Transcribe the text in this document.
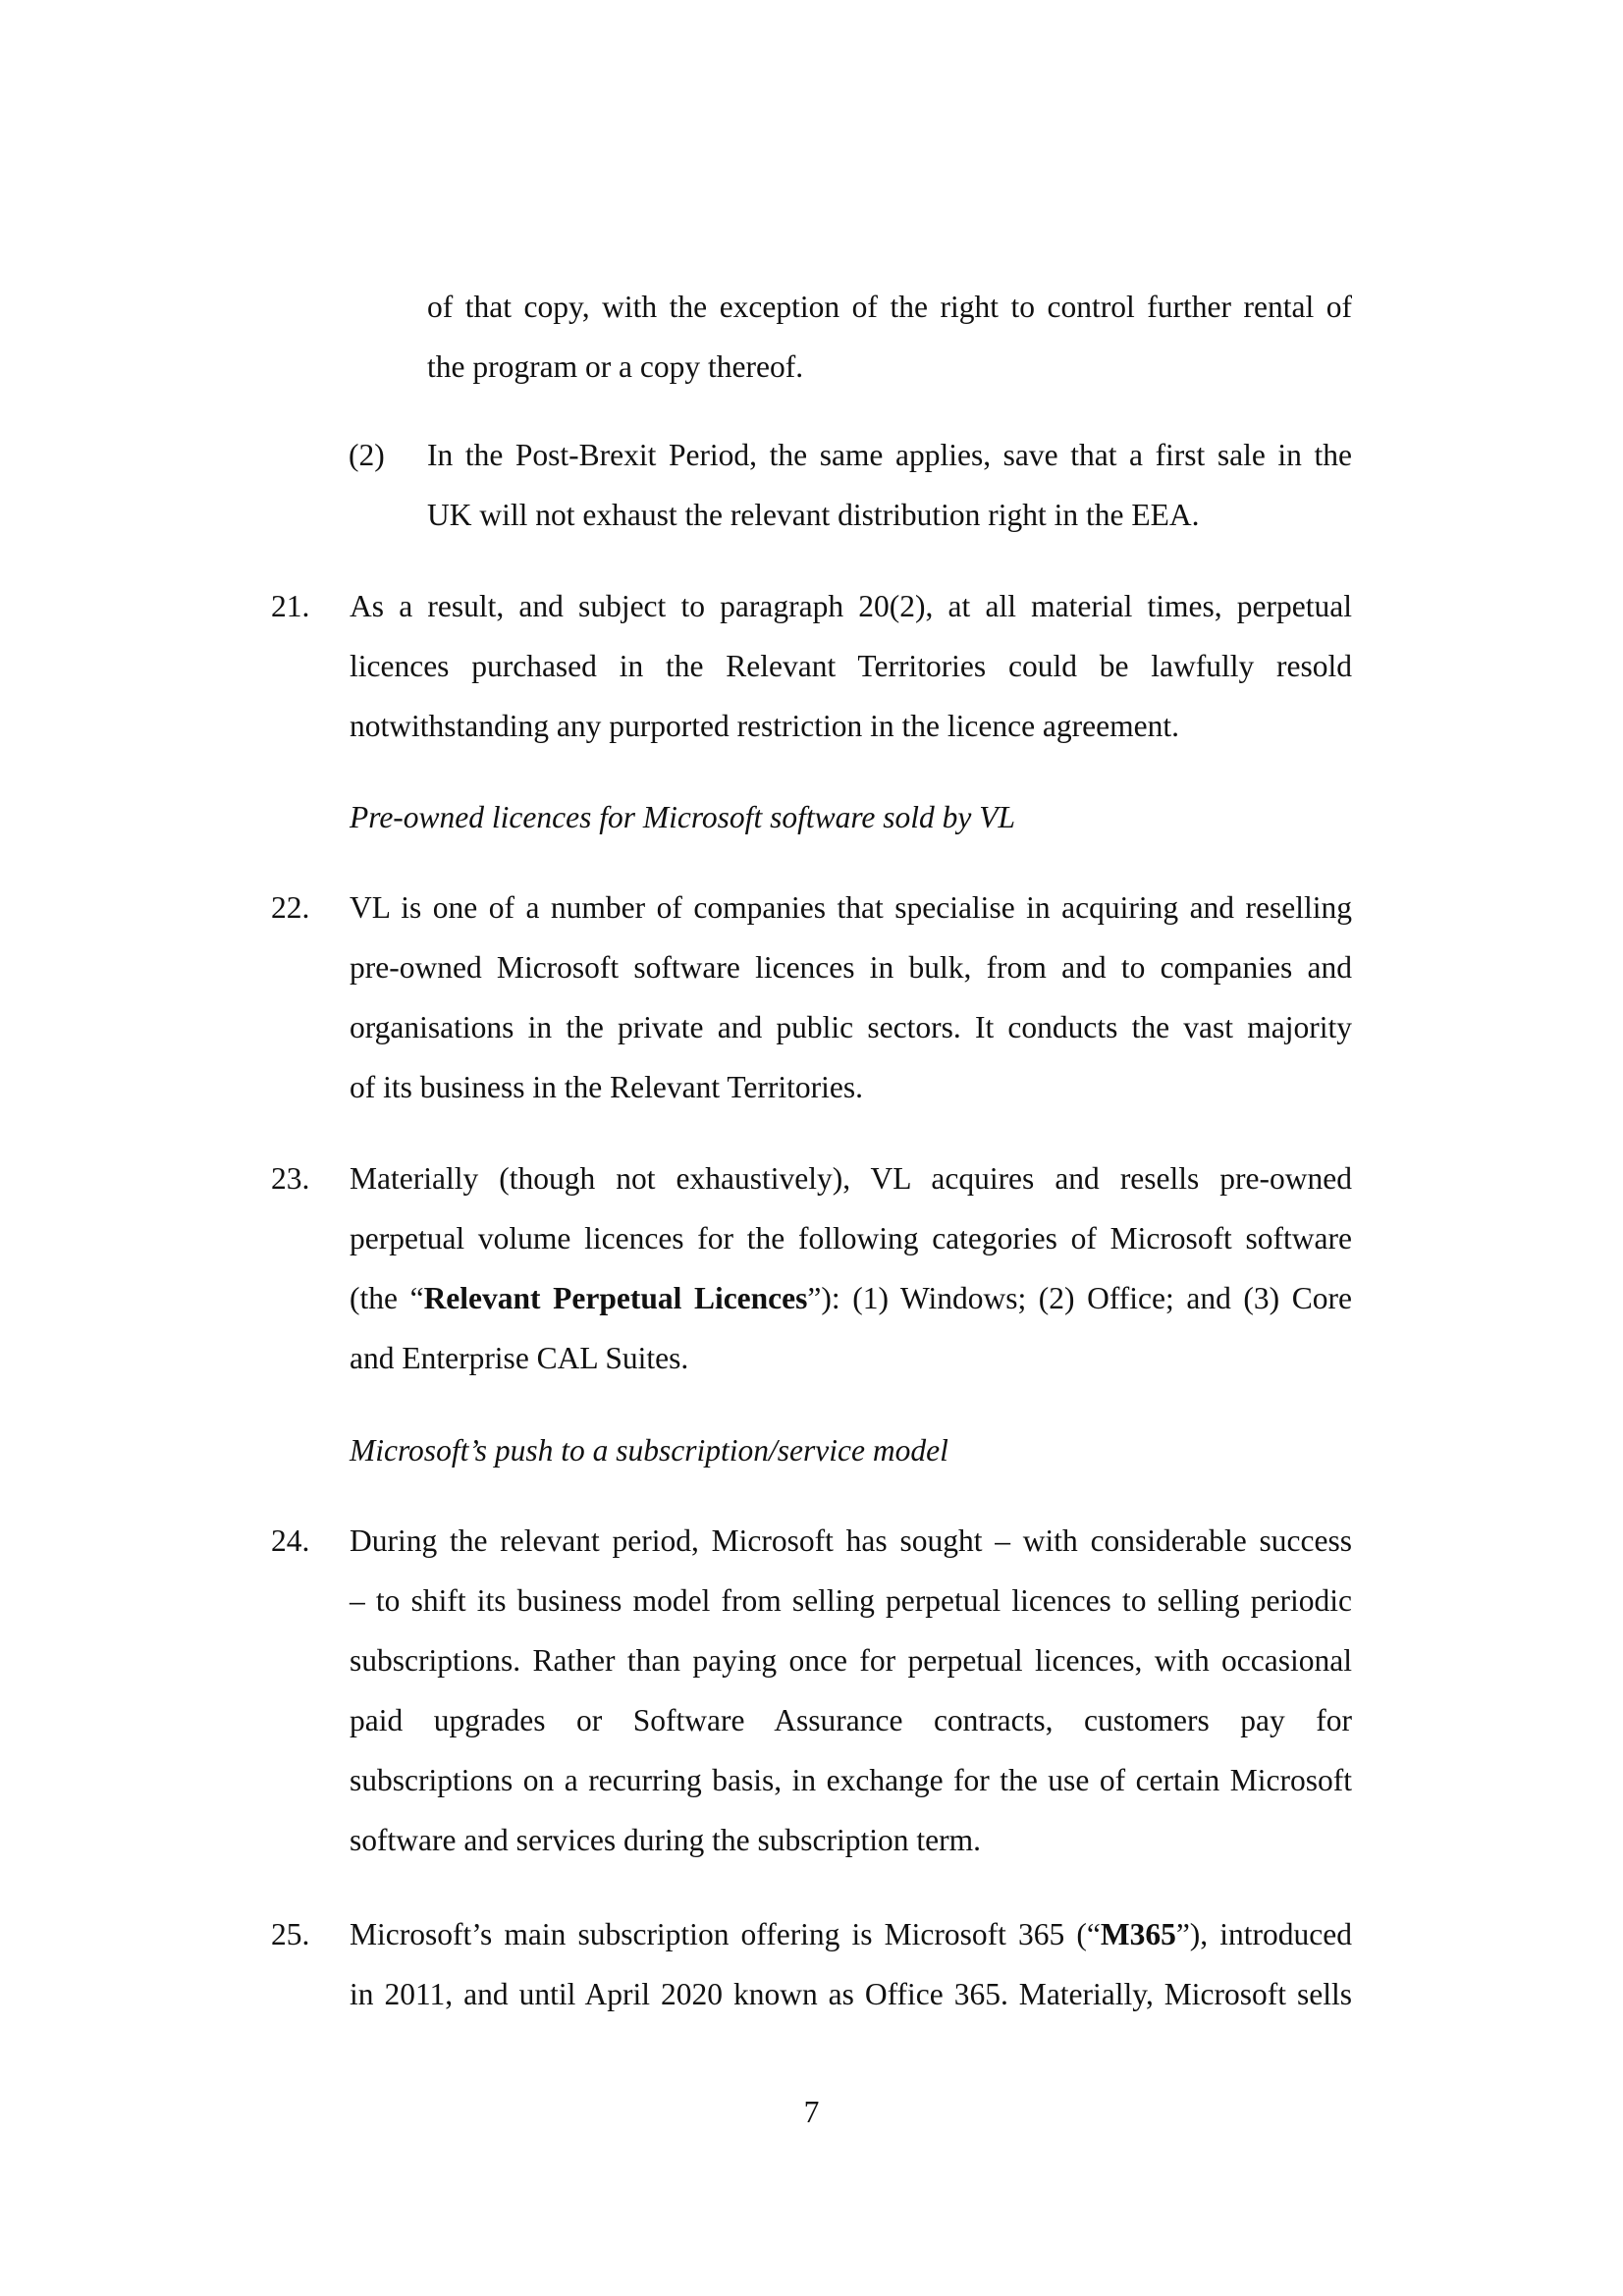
of that copy, with the exception of the right to control further rental of
the program or a copy thereof.
(2) In the Post-Brexit Period, the same applies, save that a first sale in the
UK will not exhaust the relevant distribution right in the EEA.
21. As a result, and subject to paragraph 20(2), at all material times, perpetual
licences purchased in the Relevant Territories could be lawfully resold
notwithstanding any purported restriction in the licence agreement.
Pre-owned licences for Microsoft software sold by VL
22. VL is one of a number of companies that specialise in acquiring and reselling
pre-owned Microsoft software licences in bulk, from and to companies and
organisations in the private and public sectors. It conducts the vast majority
of its business in the Relevant Territories.
23. Materially (though not exhaustively), VL acquires and resells pre-owned
perpetual volume licences for the following categories of Microsoft software
(the “Relevant Perpetual Licences”): (1) Windows; (2) Office; and (3) Core
and Enterprise CAL Suites.
Microsoft’s push to a subscription/service model
24. During the relevant period, Microsoft has sought – with considerable success
– to shift its business model from selling perpetual licences to selling periodic
subscriptions. Rather than paying once for perpetual licences, with occasional
paid upgrades or Software Assurance contracts, customers pay for
subscriptions on a recurring basis, in exchange for the use of certain Microsoft
software and services during the subscription term.
25. Microsoft’s main subscription offering is Microsoft 365 (“M365”), introduced
in 2011, and until April 2020 known as Office 365. Materially, Microsoft sells
7
